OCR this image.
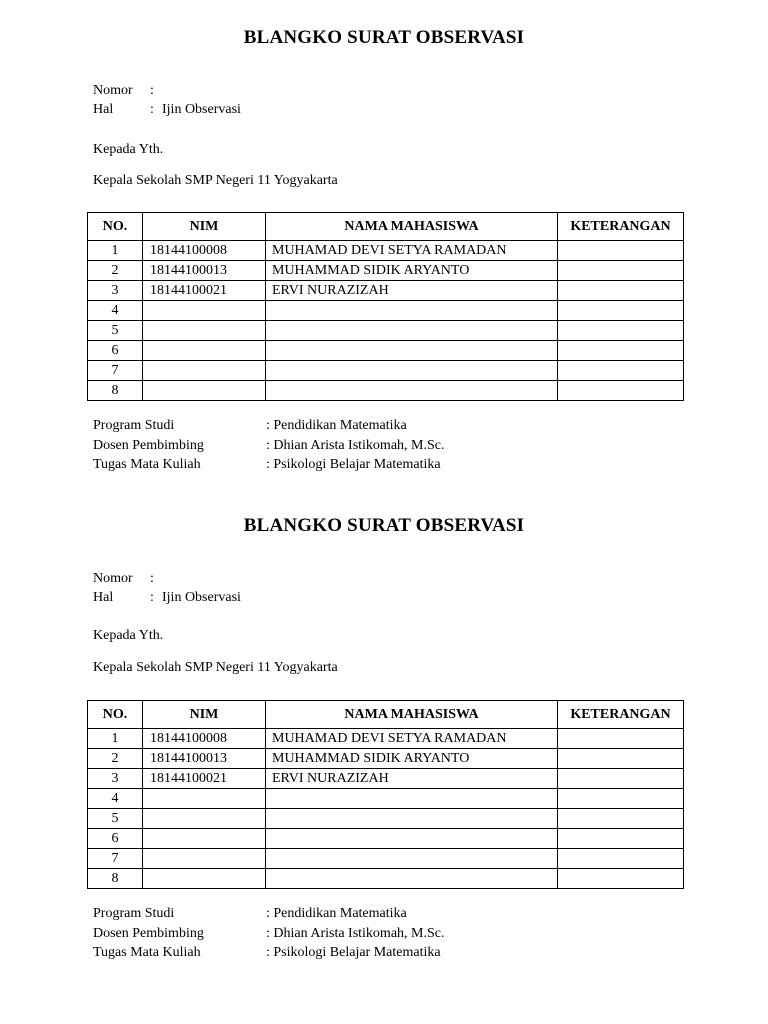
BLANGKO SURAT OBSERVASI
Nomor :
Hal	: Ijin Observasi
Kepada Yth.
Kepala Sekolah SMP Negeri 11 Yogyakarta
NO.	NIM	NAMA MAHASISWA	KETERANGAN
1	18144100008	MUHAMAD DEVI SETYA RAMADAN	
2	18144100013	MUHAMMAD SIDIK ARYANTO	
3	18144100021	ERVI NURAZIZAH	
4			
5			
6			
7			
8			
Program Studi	: Pendidikan Matematika
Dosen Pembimbing	: Dhian Arista Istikomah, M.Sc.
Tugas Mata Kuliah	: Psikologi Belajar Matematika
BLANGKO SURAT OBSERVASI
Nomor :
Hal	: Ijin Observasi
Kepada Yth.
Kepala Sekolah SMP Negeri 11 Yogyakarta
NO.	NIM	NAMA MAHASISWA	KETERANGAN
1	18144100008	MUHAMAD DEVI SETYA RAMADAN	
2	18144100013	MUHAMMAD SIDIK ARYANTO	
3	18144100021	ERVI NURAZIZAH	
4			
5			
6			
7			
8			
Program Studi	: Pendidikan Matematika
Dosen Pembimbing	: Dhian Arista Istikomah, M.Sc.
Tugas Mata Kuliah	: Psikologi Belajar Matematika
